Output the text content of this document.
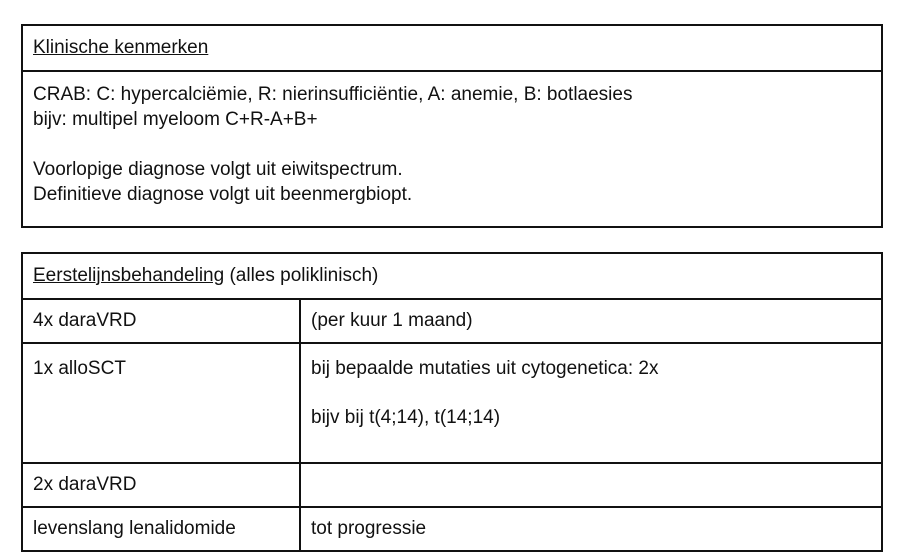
Klinische kenmerken

CRAB: C: hypercalciëmie, R: nierinsufficiëntie, A: anemie, B: botlaesies
bijv: multipel myeloom C+R-A+B+
Voorlopige diagnose volgt uit eiwitspectrum.
Definitieve diagnose volgt uit beenmergbiopt.
Eerstelijnsbehandeling (alles poliklinisch)	
4x daraVRD	(per kuur 1 maand)
1x alloSCT	bij bepaalde mutaties uit cytogenetica: 2x
bijv bij t(4;14), t(14;14)

2x daraVRD	
levenslang lenalidomide	tot progressie
